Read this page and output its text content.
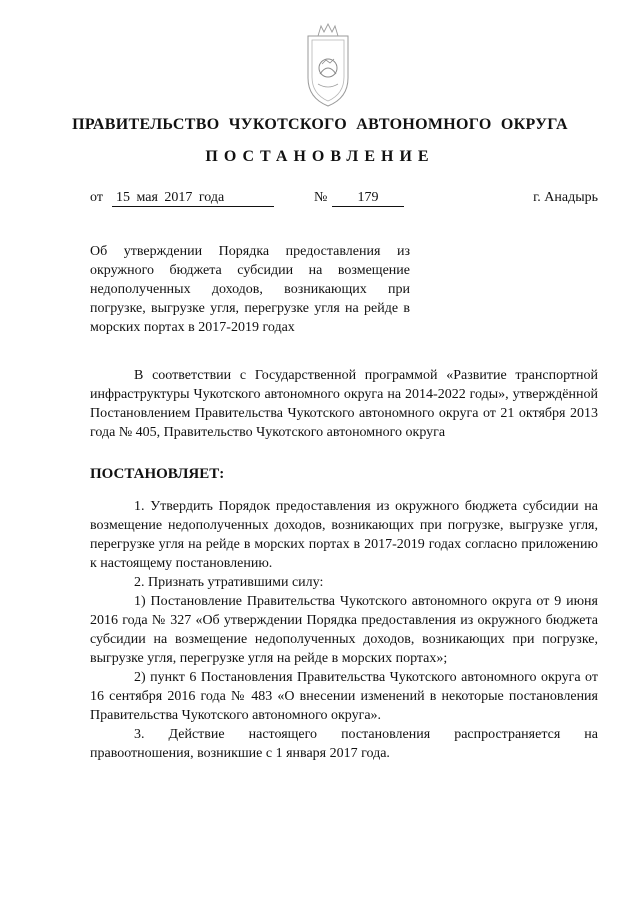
ПРАВИТЕЛЬСТВО ЧУКОТСКОГО АВТОНОМНОГО ОКРУГА
ПОСТАНОВЛЕНИЕ
от 15 мая 2017 года	№	179	г. Анадырь
Об утверждении Порядка предоставления из окружного бюджета субсидии на возмещение недополученных доходов, возникающих при погрузке, выгрузке угля, перегрузке угля на рейде в морских портах в 2017-2019 годах
В соответствии с Государственной программой «Развитие транспортной инфраструктуры Чукотского автономного округа на 2014-2022 годы», утверждённой Постановлением Правительства Чукотского автономного округа от 21 октября 2013 года № 405, Правительство Чукотского автономного округа
ПОСТАНОВЛЯЕТ:

1. Утвердить Порядок предоставления из окружного бюджета субсидии на возмещение недополученных доходов, возникающих при погрузке, выгрузке угля, перегрузке угля на рейде в морских портах в 2017-2019 годах согласно приложению к настоящему постановлению.

2. Признать утратившими силу:

1) Постановление Правительства Чукотского автономного округа от 9 июня 2016 года № 327 «Об утверждении Порядка предоставления из окружного бюджета субсидии на возмещение недополученных доходов, возникающих при погрузке, выгрузке угля, перегрузке угля на рейде в морских портах»;

2) пункт 6 Постановления Правительства Чукотского автономного округа от 16 сентября 2016 года № 483 «О внесении изменений в некоторые постановления Правительства Чукотского автономного округа».

3. Действие настоящего постановления распространяется на правоотношения, возникшие с 1 января 2017 года.
